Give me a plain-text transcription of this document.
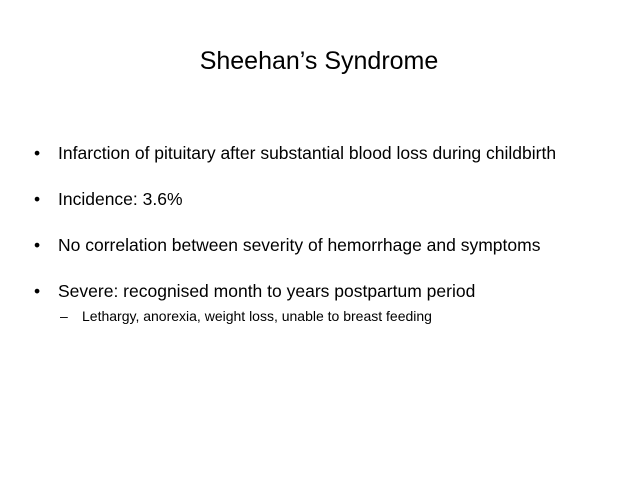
Sheehan’s Syndrome
•	Infarction of pituitary after substantial blood loss during childbirth
•	Incidence: 3.6%
•	No correlation between severity of hemorrhage and symptoms
•	Severe: recognised month to years postpartum period
– Lethargy, anorexia, weight loss, unable to breast feeding
